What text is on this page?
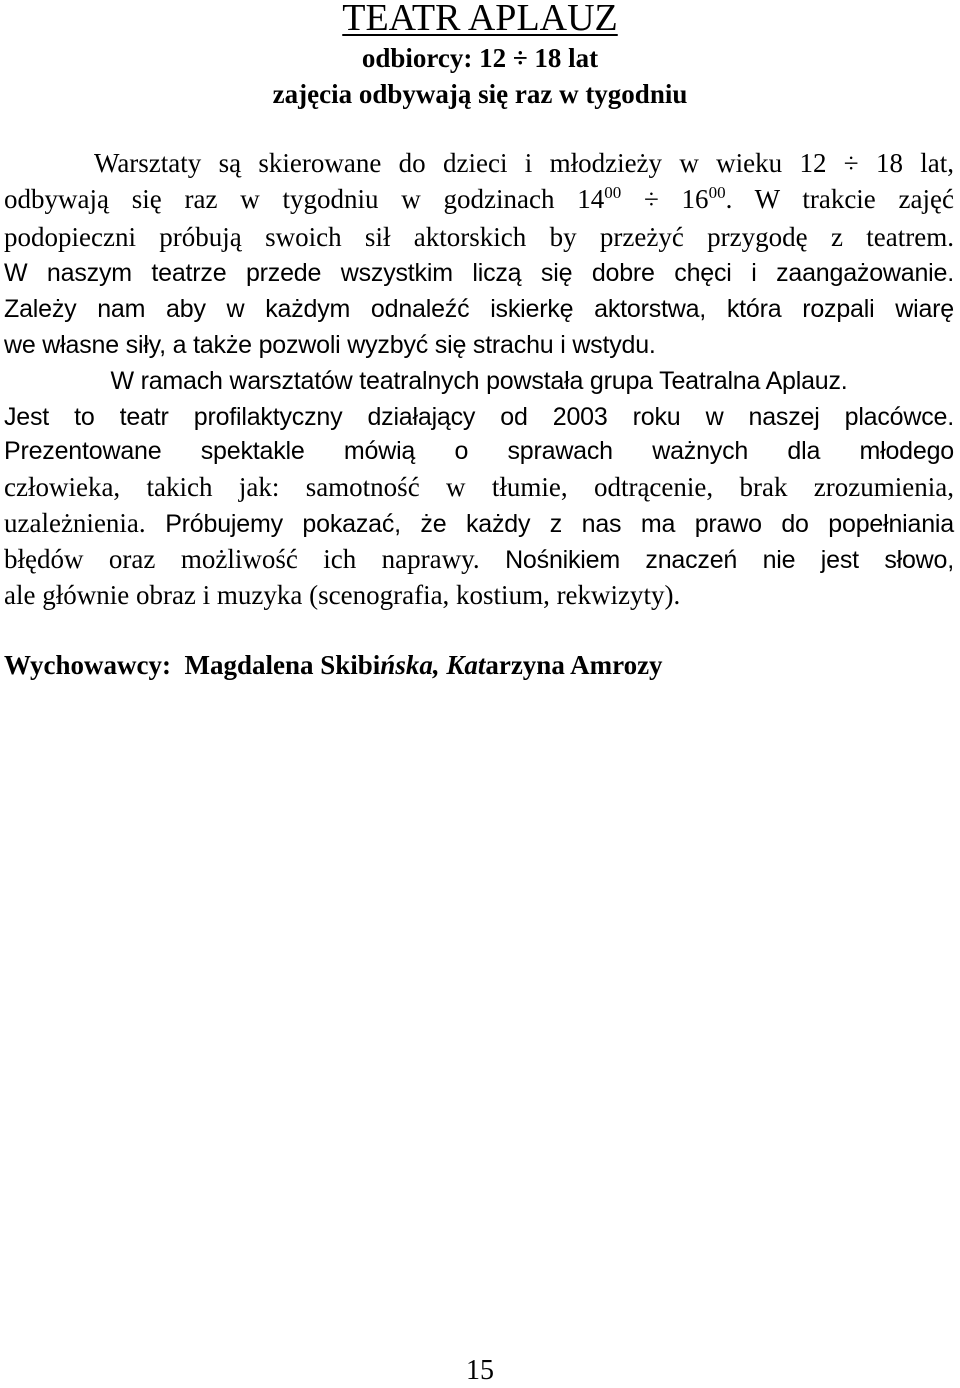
TEATR APLAUZ
odbiorcy: 12 ÷ 18 lat
zajęcia odbywają się raz w tygodniu
Warsztaty są skierowane do dzieci i młodzieży w wieku 12 ÷ 18 lat,
odbywają się raz w tygodniu w godzinach $14^{00} \div 16^{00}$. W trakcie zajęć
podopieczni próbują swoich sił aktorskich by przeżyć przygodę z teatrem.
W naszym teatrze przede wszystkim liczą się dobre chęci i zaangażowanie.
Zależy nam aby w każdym odnaleźć iskierkę aktorstwa, która rozpali wiarę
we własne siły, a także pozwoli wyzbyć się strachu i wstydu.
W ramach warsztatów teatralnych powstała grupa Teatralna Aplauz.
Jest to teatr profilaktyczny działający od 2003 roku w naszej placówce.
Prezentowane spektakle mówią o sprawach ważnych dla młodego
człowieka, takich jak: samotność w tłumie, odtrącenie, brak zrozumienia,
uzależnienia. Próbujemy pokazać, że każdy z nas ma prawo do popełniania
błędów oraz możliwość ich naprawy. Nośnikiem znaczeń nie jest słowo,
ale głównie obraz i muzyka (scenografia, kostium, rekwizyty).
Wychowawcy: Magdalena Skibińska, Katarzyna Amrozy
15
